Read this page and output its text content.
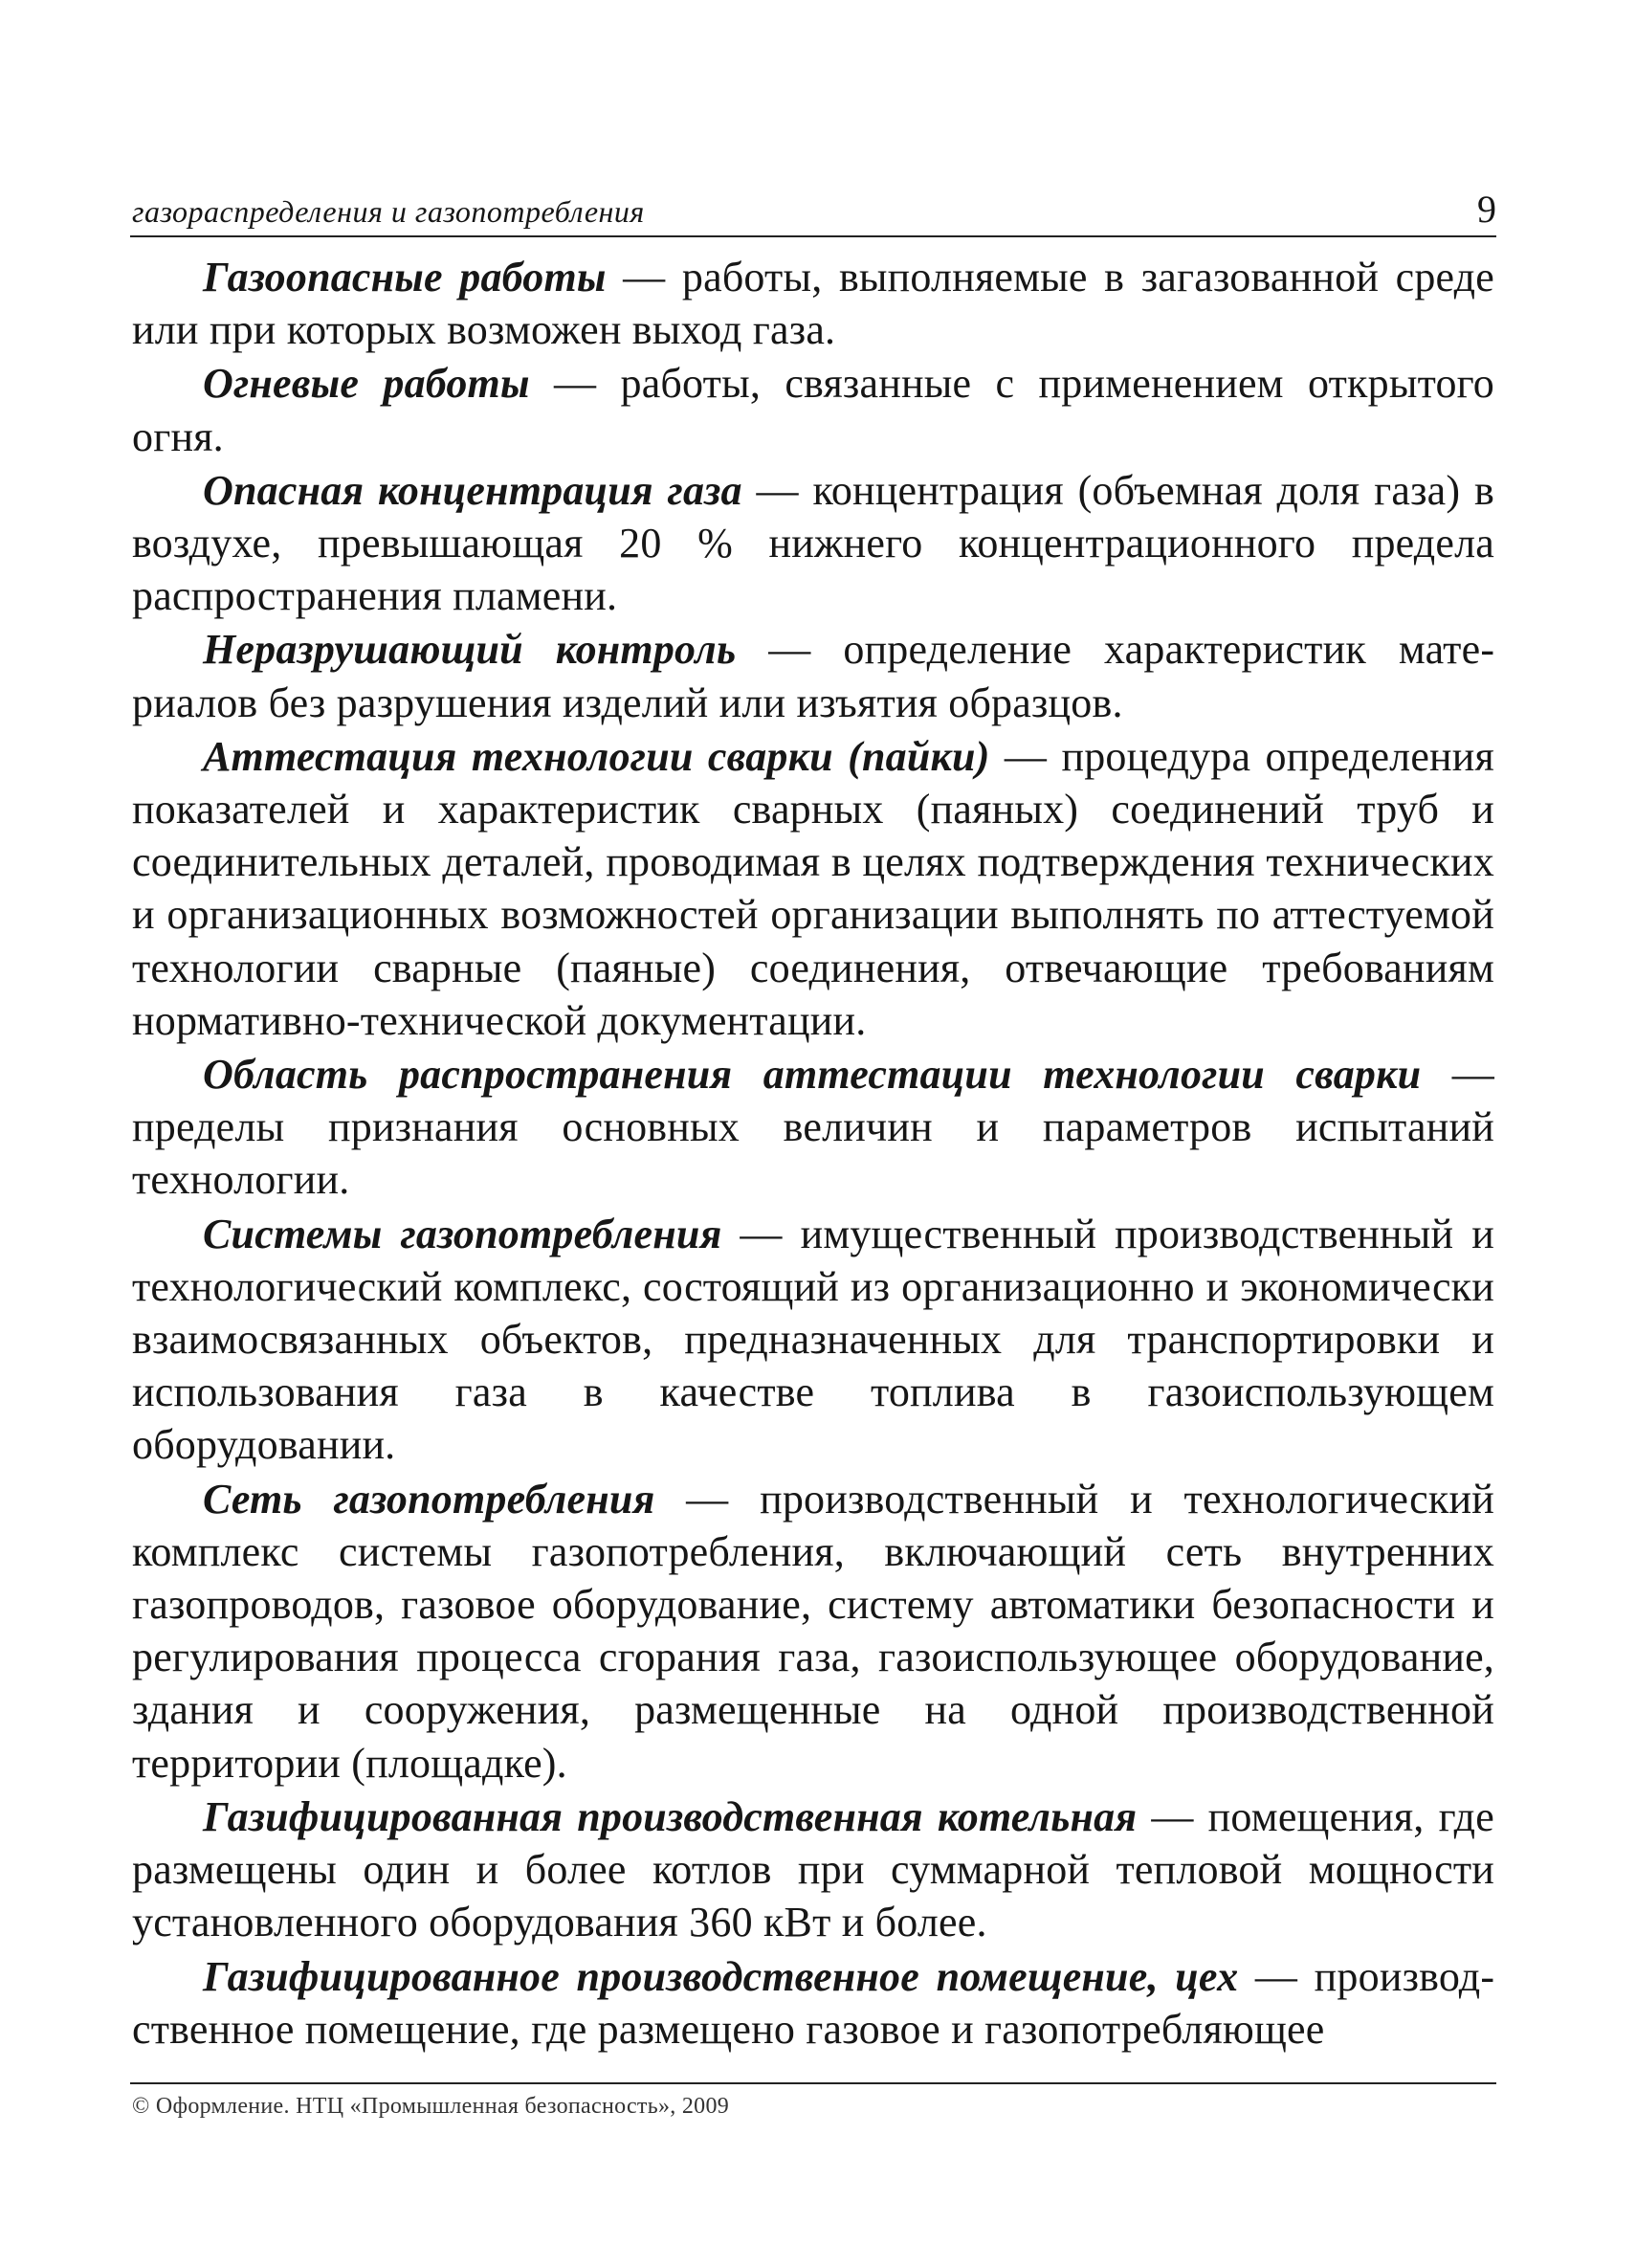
газораспределения и газопотребления	9

Газоопасные работы — работы, выполняемые в загазованной среде или при которых возможен выход газа.

Огневые работы — работы, связанные с применением открытого огня.

Опасная концентрация газа — концентрация (объемная доля газа) в воздухе, превышающая 20 % нижнего концентрационного предела распространения пламени.

Неразрушающий контроль — определение характеристик материалов без разрушения изделий или изъятия образцов.

Аттестация технологии сварки (пайки) — процедура определения показателей и характеристик сварных (паяных) соединений труб и соединительных деталей, проводимая в целях подтверждения технических и организационных возможностей организации выполнять по аттестуемой технологии сварные (паяные) соединения, отвечающие требованиям нормативно-технической документации.

Область распространения аттестации технологии сварки — пределы признания основных величин и параметров испытаний технологии.

Системы газопотребления — имущественный производственный и технологический комплекс, состоящий из организационно и экономически взаимосвязанных объектов, предназначенных для транспортировки и использования газа в качестве топлива в газоиспользующем оборудовании.

Сеть газопотребления — производственный и технологический комплекс системы газопотребления, включающий сеть внутренних газопроводов, газовое оборудование, систему автоматики безопасности и регулирования процесса сгорания газа, газоиспользующее оборудование, здания и сооружения, размещенные на одной производственной территории (площадке).

Газифицированная производственная котельная — помещения, где размещены один и более котлов при суммарной тепловой мощности установленного оборудования 360 кВт и более.

Газифицированное производственное помещение, цех — производственное помещение, где размещено газовое и газопотребляющее

© Оформление. НТЦ «Промышленная безопасность», 2009
